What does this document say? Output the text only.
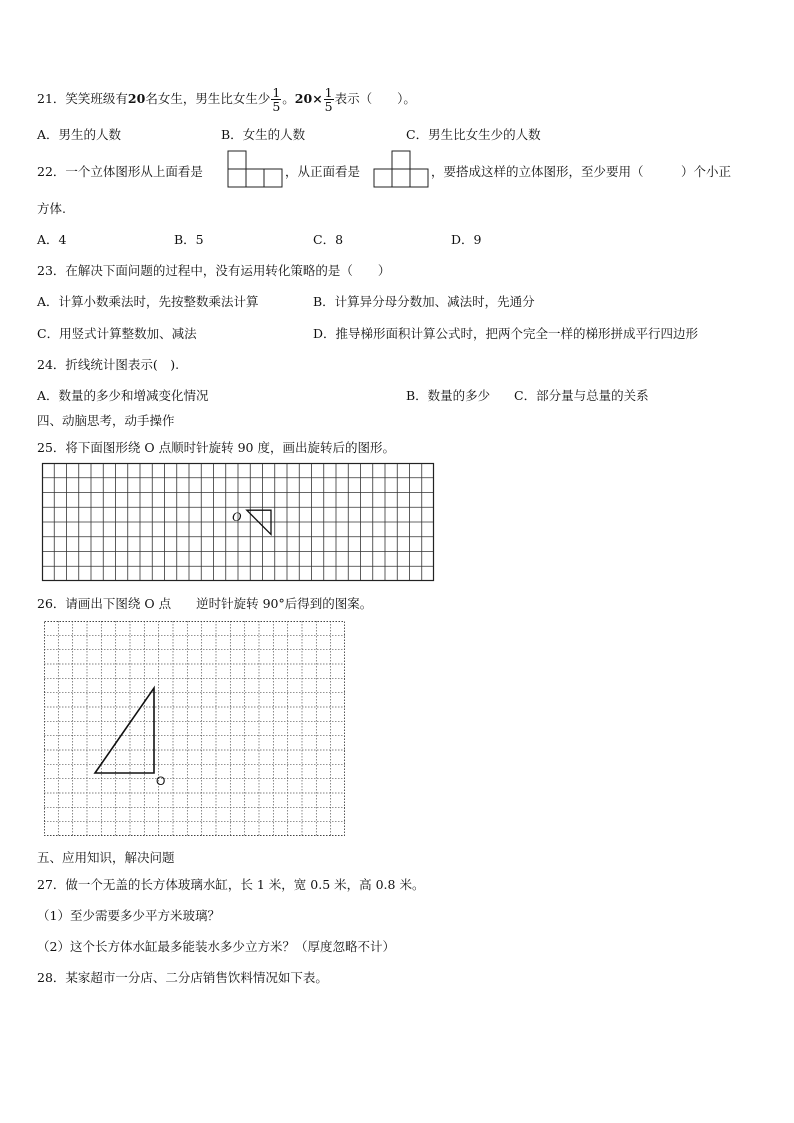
21．笑笑班级有20名女生，男生比女生少 $\frac{1}{5}$ 。$20\times \frac{1}{5}$ 表示（　　）。
A．男生的人数	B．女生的人数	C．男生比女生少的人数
22．一个立体图形从上面看是	，从正面看是	，要搭成这样的立体图形，至少要用（　　　）个小正
方体.
A．4	B．5	C．8	D．9
23．在解决下面问题的过程中，没有运用转化策略的是（　　）
A．计算小数乘法时，先按整数乘法计算	B．计算异分母分数加、减法时，先通分
C．用竖式计算整数加、减法	D．推导梯形面积计算公式时，把两个完全一样的梯形拼成平行四边形
24．折线统计图表示(　).
A．数量的多少和增减变化情况	B．数量的多少 C．部分量与总量的关系
四、动脑思考，动手操作
25．将下面图形绕 O 点顺时针旋转 90 度，画出旋转后的图形。
O
26．请画出下图绕 O 点　　逆时针旋转 90°后得到的图案。
O
五、应用知识，解决问题
27．做一个无盖的长方体玻璃水缸，长 1 米，宽 0.5 米，高 0.8 米。
（1）至少需要多少平方米玻璃？
（2）这个长方体水缸最多能装水多少立方米？（厚度忽略不计）
28．某家超市一分店、二分店销售饮料情况如下表。
